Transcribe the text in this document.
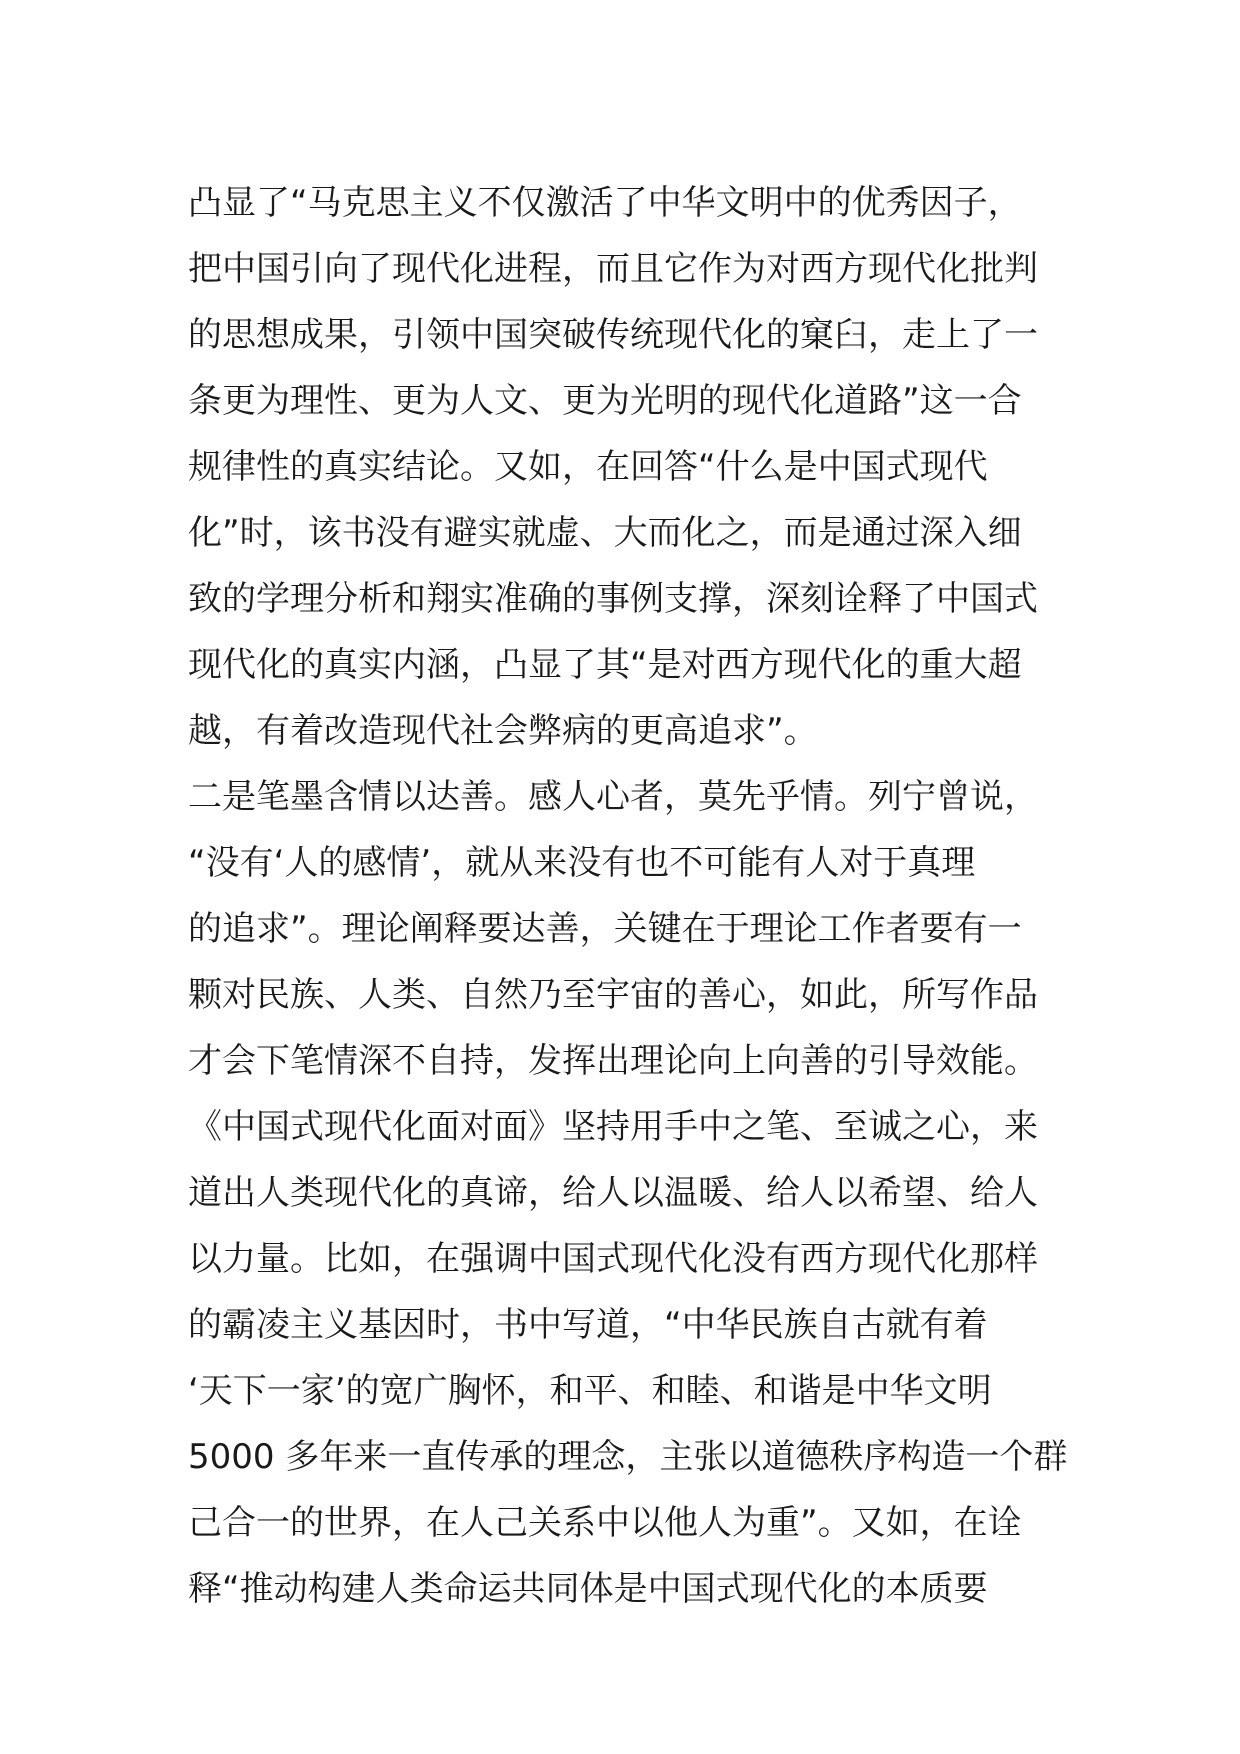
凸显了“马克思主义不仅激活了中华文明中的优秀因子，
把中国引向了现代化进程，而且它作为对西方现代化批判
的思想成果，引领中国突破传统现代化的窠臼，走上了一
条更为理性、更为人文、更为光明的现代化道路”这一合
规律性的真实结论。又如，在回答“什么是中国式现代
化”时，该书没有避实就虚、大而化之，而是通过深入细
致的学理分析和翔实准确的事例支撑，深刻诠释了中国式
现代化的真实内涵，凸显了其“是对西方现代化的重大超
越，有着改造现代社会弊病的更高追求”。
二是笔墨含情以达善。感人心者，莫先乎情。列宁曾说，
“没有‘人的感情’，就从来没有也不可能有人对于真理
的追求”。理论阐释要达善，关键在于理论工作者要有一
颗对民族、人类、自然乃至宇宙的善心，如此，所写作品
才会下笔情深不自持，发挥出理论向上向善的引导效能。
《中国式现代化面对面》坚持用手中之笔、至诚之心，来
道出人类现代化的真谛，给人以温暖、给人以希望、给人
以力量。比如，在强调中国式现代化没有西方现代化那样
的霸凌主义基因时，书中写道，“中华民族自古就有着
‘天下一家’的宽广胸怀，和平、和睦、和谐是中华文明
5000 多年来一直传承的理念，主张以道德秩序构造一个群
己合一的世界，在人己关系中以他人为重”。又如，在诠
释“推动构建人类命运共同体是中国式现代化的本质要
